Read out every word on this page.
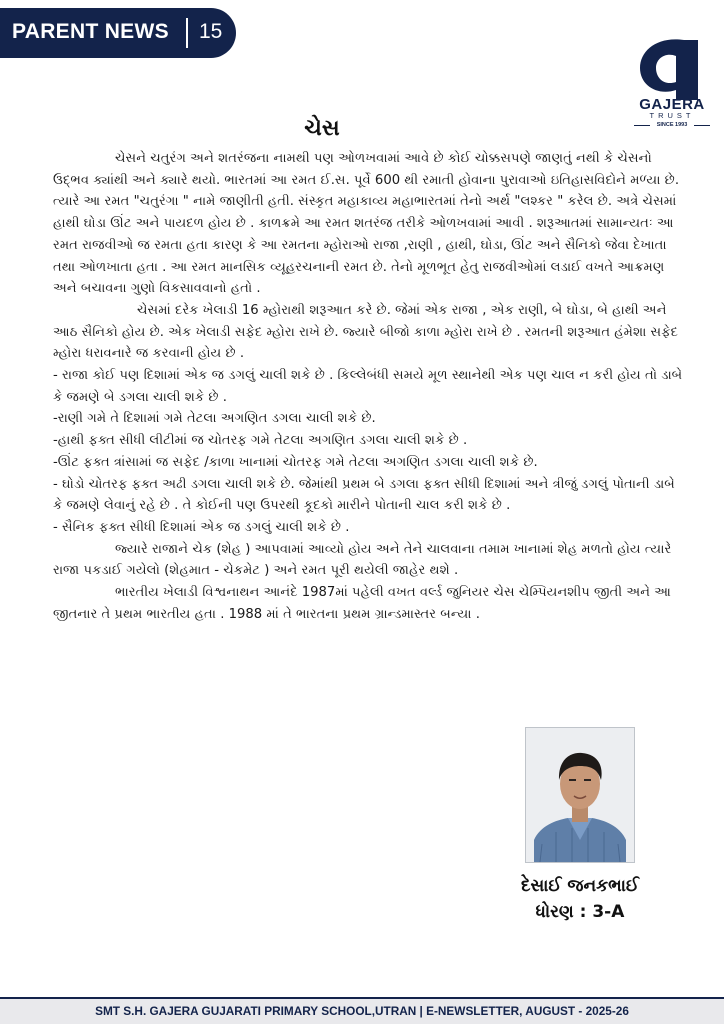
PARENT NEWS 15
GAJERA
TRUST
SINCE 1993
ચેસ

ચેસને ચતુરંગ અને શતરંજના નામથી પણ ઓળખવામાં આવે છે કોઈ ચોક્કસપણે જાણતું નથી કે ચેસનો ઉદ્ભવ ક્યાંથી અને ક્યારે થયો. ભારતમાં આ રમત ઈ.સ. પૂર્વે 600 થી રમાતી હોવાના પુરાવાઓ ઇતિહાસવિદોને મળ્યા છે. ત્યારે આ રમત "ચતુરંગા " નામે જાણીતી હતી. સંસ્કૃત મહાકાવ્ય મહાભારતમાં તેનો અર્થ "લશ્કર " કરેલ છે. અત્રે ચેસમાં હાથી ઘોડા ઊંટ અને પાયદળ હોય છે . કાળક્રમે આ રમત શતરંજ તરીકે ઓળખવામાં આવી . શરૂઆતમાં સામાન્યતઃ આ રમત રાજવીઓ જ રમતા હતા કારણ કે આ રમતના મ્હોરાઓ રાજા ,રાણી , હાથી, ઘોડા, ઊંટ અને સૈનિકો જેવા દેખાતા તથા ઓળખાતા હતા . આ રમત માનસિક વ્યૂહરચનાની રમત છે. તેનો મૂળભૂત હેતુ રાજવીઓમાં લડાઈ વખતે આક્રમણ અને બચાવના ગુણો વિકસાવવાનો હતો .

ચેસમાં દરેક ખેલાડી 16 મ્હોરાથી શરૂઆત કરે છે. જેમાં એક રાજા , એક રાણી, બે ઘોડા, બે હાથી અને આઠ સૈનિકો હોય છે. એક ખેલાડી સફેદ મ્હોરા રાખે છે. જ્યારે બીજો કાળા મ્હોરા રાખે છે . રમતની શરૂઆત હંમેશા સફેદ મ્હોરા ધરાવનારે જ કરવાની હોય છે .

- રાજા કોઈ પણ દિશામાં એક જ ડગલું ચાલી શકે છે . કિલ્લેબંધી સમયે મૂળ સ્થાનેથી એક પણ ચાલ ન કરી હોય તો ડાબે કે જમણે બે ડગલા ચાલી શકે છે .

-રાણી ગમે તે દિશામાં ગમે તેટલા અગણિત ડગલા ચાલી શકે છે.

-હાથી ફક્ત સીધી લીટીમાં જ ચોતરફ ગમે તેટલા અગણિત ડગલા ચાલી શકે છે .

-ઊંટ ફક્ત ત્રાંસામાં જ સફેદ /કાળા ખાનામાં ચોતરફ ગમે તેટલા અગણિત ડગલા ચાલી શકે છે.

- ઘોડો ચોતરફ ફક્ત અઢી ડગલા ચાલી શકે છે. જેમાંથી પ્રથમ બે ડગલા ફક્ત સીધી દિશામાં અને ત્રીજું ડગલું પોતાની ડાબે કે જમણે લેવાનું રહે છે . તે કોઈની પણ ઉપરથી કૂદકો મારીને પોતાની ચાલ કરી શકે છે .

- સૈનિક ફક્ત સીધી દિશામાં એક જ ડગલું ચાલી શકે છે .

જ્યારે રાજાને ચેક (શેહ ) આપવામાં આવ્યો હોય અને તેને ચાલવાના તમામ ખાનામાં શેહ મળતો હોય ત્યારે રાજા પકડાઈ ગયેલો (શેહમાત - ચેકમેટ ) અને રમત પૂરી થયેલી જાહેર થશે .

ભારતીય ખેલાડી વિશ્વનાથન આનંદે 1987માં પહેલી વખત વર્લ્ડ જુનિયર ચેસ ચેમ્પિયનશીપ જીતી અને આ જીતનાર તે પ્રથમ ભારતીય હતા . 1988 માં તે ભારતના પ્રથમ ગ્રાન્ડમાસ્તર બન્યા .

દેસાઈ જનકભાઈ
ધોરણ : 3-A
SMT S.H. GAJERA GUJARATI PRIMARY SCHOOL,UTRAN | E-NEWSLETTER, AUGUST - 2025-26
